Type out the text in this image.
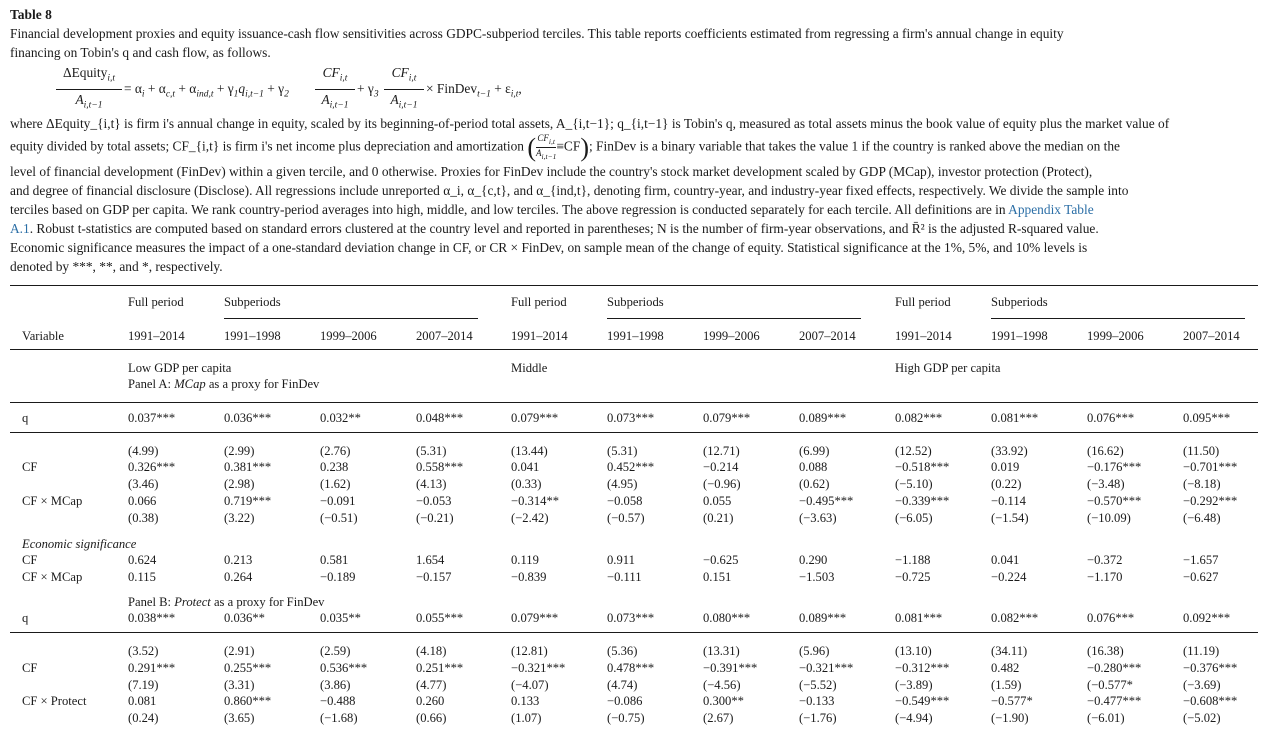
Table 8

Financial development proxies and equity issuance-cash flow sensitivities across GDPC-subperiod terciles. This table reports coefficients estimated from regressing a firm's annual change in equity

financing on Tobin's q and cash flow, as follows.

ΔEquity$_{i,t}$
$A_{i,t-1}$
= $\alpha_i + \alpha_{c,t} + \alpha_{ind,t} + \gamma_1q_{i,t-1} + \gamma_2$
$CF_{i,t}$
$A_{i,t-1}$
+ $\gamma_3$
$CF_{i,t}$
$A_{i,t-1}$
× FinDev$_{t-1}$ + $\varepsilon_{i,t}$,

where ΔEquity_{i,t} is firm i's annual change in equity, scaled by its beginning-of-period total assets, A_{i,t−1}; q_{i,t−1} is Tobin's q, measured as total assets minus the book value of equity plus the market value of

equity divided by total assets; CF_{i,t} is firm i's net income plus depreciation and amortization ( $\frac{CF_{i,t}}{A_{i,t-1}} \equiv CF$); FinDev is a binary variable that takes the value 1 if the country is ranked above the median on the

level of financial development (FinDev) within a given tercile, and 0 otherwise. Proxies for FinDev include the country's stock market development scaled by GDP (MCap), investor protection (Protect),

and degree of financial disclosure (Disclose). All regressions include unreported α_i, α_{c,t}, and α_{ind,t}, denoting firm, country-year, and industry-year fixed effects, respectively. We divide the sample into

terciles based on GDP per capita. We rank country-period averages into high, middle, and low terciles. The above regression is conducted separately for each tercile. All definitions are in Appendix Table

A.1. Robust t-statistics are computed based on standard errors clustered at the country level and reported in parentheses; N is the number of firm-year observations, and R̄² is the adjusted R-squared value.

Economic significance measures the impact of a one-standard deviation change in CF, or CR × FinDev, on sample mean of the change of equity. Statistical significance at the 1%, 5%, and 10% levels is

denoted by ***, **, and *, respectively.

Full period	Subperiods	Full period	Subperiods	Full period	Subperiods
Variable	1991–2014	1991–1998	1999–2006	2007–2014	1991–2014	1991–1998	1999–2006	2007–2014	1991–2014	1991–1998	1999–2006	2007–2014
Low GDP per capita	Middle	High GDP per capita
Panel A: MCap as a proxy for FinDev
q	0.037***	0.036***	0.032**	0.048***	0.079***	0.073***	0.079***	0.089***	0.082***	0.081***	0.076***	0.095***
(4.99)	(2.99)	(2.76)	(5.31)	(13.44)	(5.31)	(12.71)	(6.99)	(12.52)	(33.92)	(16.62)	(11.50)
CF	0.326***	0.381***	0.238	0.558***	0.041	0.452***	−0.214	0.088	−0.518***	0.019	−0.176***	−0.701***
(3.46)	(2.98)	(1.62)	(4.13)	(0.33)	(4.95)	(−0.96)	(0.62)	(−5.10)	(0.22)	(−3.48)	(−8.18)
CF × MCap	0.066	0.719***	−0.091	−0.053	−0.314**	−0.058	0.055	−0.495***	−0.339***	−0.114	−0.570***	−0.292***
(0.38)	(3.22)	(−0.51)	(−0.21)	(−2.42)	(−0.57)	(0.21)	(−3.63)	(−6.05)	(−1.54)	(−10.09)	(−6.48)
Economic significance
CF	0.624	0.213	0.581	1.654	0.119	0.911	−0.625	0.290	−1.188	0.041	−0.372	−1.657
CF × MCap	0.115	0.264	−0.189	−0.157	−0.839	−0.111	0.151	−1.503	−0.725	−0.224	−1.170	−0.627
Panel B: Protect as a proxy for FinDev
q	0.038***	0.036**	0.035**	0.055***	0.079***	0.073***	0.080***	0.089***	0.081***	0.082***	0.076***	0.092***
(3.52)	(2.91)	(2.59)	(4.18)	(12.81)	(5.36)	(13.31)	(5.96)	(13.10)	(34.11)	(16.38)	(11.19)
CF	0.291***	0.255***	0.536***	0.251***	−0.321***	0.478***	−0.391***	−0.321***	−0.312***	0.482	−0.280***	−0.376***
(7.19)	(3.31)	(3.86)	(4.77)	(−4.07)	(4.74)	(−4.56)	(−5.52)	(−3.89)	(1.59)	(−0.577*	(−3.69)
CF × Protect	0.081	0.860***	−0.488	0.260	0.133	−0.086	0.300**	−0.133	−0.549***	−0.577*	−0.477***	−0.608***
(0.24)	(3.65)	(−1.68)	(0.66)	(1.07)	(−0.75)	(2.67)	(−1.76)	(−4.94)	(−1.90)	(−6.01)	(−5.02)
